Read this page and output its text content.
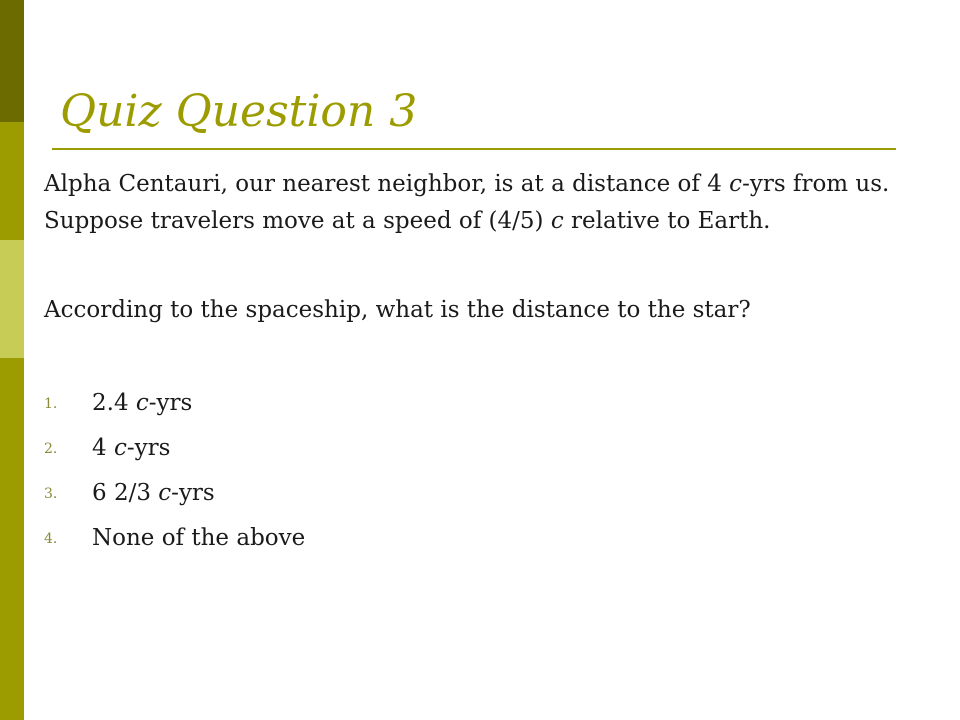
Quiz Question 3

Alpha Centauri, our nearest neighbor, is at a distance of 4 c-yrs from us. Suppose travelers move at a speed of (4/5) c relative to Earth.

According to the spaceship, what is the distance to the star?

1. 2.4 c-yrs
2. 4 c-yrs
3. 6 2/3 c-yrs
4. None of the above
